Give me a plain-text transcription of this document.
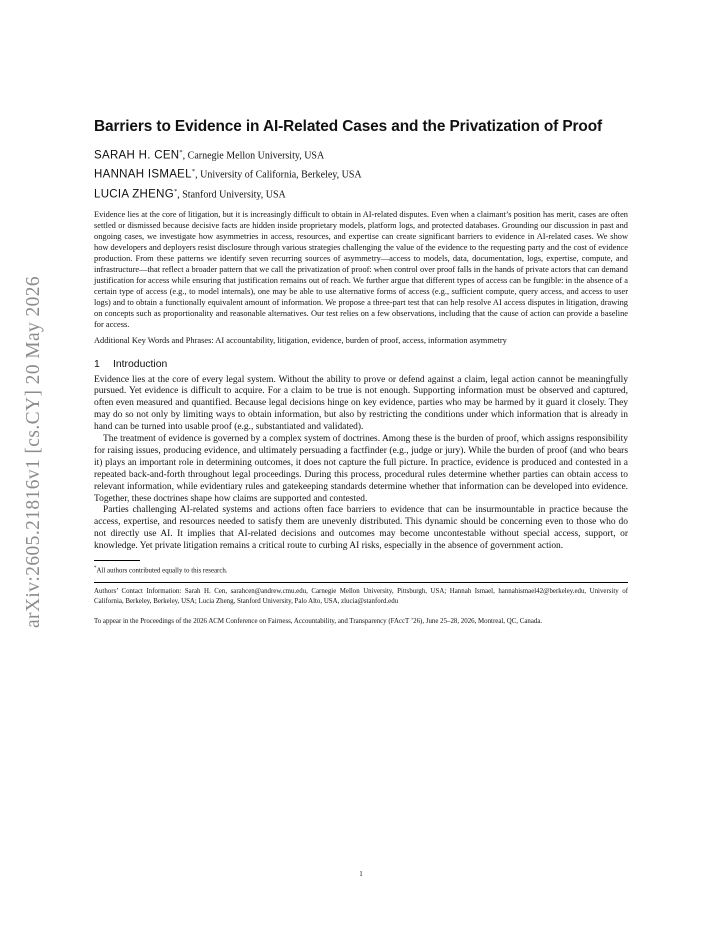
arXiv:2605.21816v1 [cs.CY] 20 May 2026
Barriers to Evidence in AI-Related Cases and the Privatization of Proof

SARAH H. CEN*, Carnegie Mellon University, USA

HANNAH ISMAEL*, University of California, Berkeley, USA

LUCIA ZHENG*, Stanford University, USA

Evidence lies at the core of litigation, but it is increasingly difficult to obtain in AI-related disputes. Even when a claimant’s position has merit, cases are often settled or dismissed because decisive facts are hidden inside proprietary models, platform logs, and protected databases. Grounding our discussion in past and ongoing cases, we investigate how asymmetries in access, resources, and expertise can create significant barriers to evidence in AI-related cases. We show how developers and deployers resist disclosure through various strategies challenging the value of the evidence to the requesting party and the cost of evidence production. From these patterns we identify seven recurring sources of asymmetry—access to models, data, documentation, logs, expertise, compute, and infrastructure—that reflect a broader pattern that we call the privatization of proof: when control over proof falls in the hands of private actors that can demand justification for access while ensuring that justification remains out of reach. We further argue that different types of access can be fungible: in the absence of a certain type of access (e.g., to model internals), one may be able to use alternative forms of access (e.g., sufficient compute, query access, and access to user logs) and to obtain a functionally equivalent amount of information. We propose a three-part test that can help resolve AI access disputes in litigation, drawing on concepts such as proportionality and reasonable alternatives. Our test relies on a few observations, including that the cause of action can provide a baseline for access.

Additional Key Words and Phrases: AI accountability, litigation, evidence, burden of proof, access, information asymmetry

1 Introduction

Evidence lies at the core of every legal system. Without the ability to prove or defend against a claim, legal action cannot be meaningfully pursued. Yet evidence is difficult to acquire. For a claim to be true is not enough. Supporting information must be observed and captured, often even measured and quantified. Because legal decisions hinge on key evidence, parties who may be harmed by it guard it closely. They may do so not only by limiting ways to obtain information, but also by restricting the conditions under which information that is already in hand can be turned into usable proof (e.g., substantiated and validated).

The treatment of evidence is governed by a complex system of doctrines. Among these is the burden of proof, which assigns responsibility for raising issues, producing evidence, and ultimately persuading a factfinder (e.g., judge or jury). While the burden of proof (and who bears it) plays an important role in determining outcomes, it does not capture the full picture. In practice, evidence is produced and contested in a repeated back-and-forth throughout legal proceedings. During this process, procedural rules determine whether parties can obtain access to relevant information, while evidentiary rules and gatekeeping standards determine whether that information can be developed into evidence. Together, these doctrines shape how claims are supported and contested.

Parties challenging AI-related systems and actions often face barriers to evidence that can be insurmountable in practice because the access, expertise, and resources needed to satisfy them are unevenly distributed. This dynamic should be concerning even to those who do not directly use AI. It implies that AI-related decisions and outcomes may become uncontestable without special access, support, or knowledge. Yet private litigation remains a critical route to curbing AI risks, especially in the absence of government action.

*All authors contributed equally to this research.

Authors’ Contact Information: Sarah H. Cen, sarahcen@andrew.cmu.edu, Carnegie Mellon University, Pittsburgh, USA; Hannah Ismael, hannahismael42@berkeley.edu, University of California, Berkeley, Berkeley, USA; Lucia Zheng, Stanford University, Palo Alto, USA, zlucia@stanford.edu

To appear in the Proceedings of the 2026 ACM Conference on Fairness, Accountability, and Transparency (FAccT ’26), June 25–28, 2026, Montreal, QC, Canada.

1
